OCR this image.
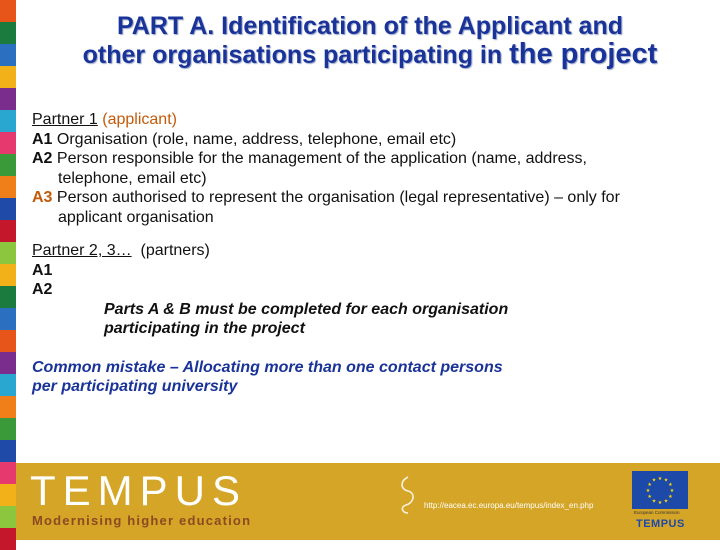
PART A. Identification of the Applicant and
other organisations participating in the project

Partner 1 (applicant)

A1 Organisation (role, name, address, telephone, email etc)

A2 Person responsible for the management of the application (name, address,

telephone, email etc)

A3 Person authorised to represent the organisation (legal representative) – only for

applicant organisation

Partner 2, 3… (partners)

A1

A2

Parts A & B must be completed for each organisation

participating in the project

Common mistake – Allocating more than one contact persons

per participating university

TEMPUS
Modernising higher education
http://eacea.ec.europa.eu/tempus/index_en.php
★
★
★
★
★
★
★
★
★ ★ ★
★
European Commission
TEMPUS
